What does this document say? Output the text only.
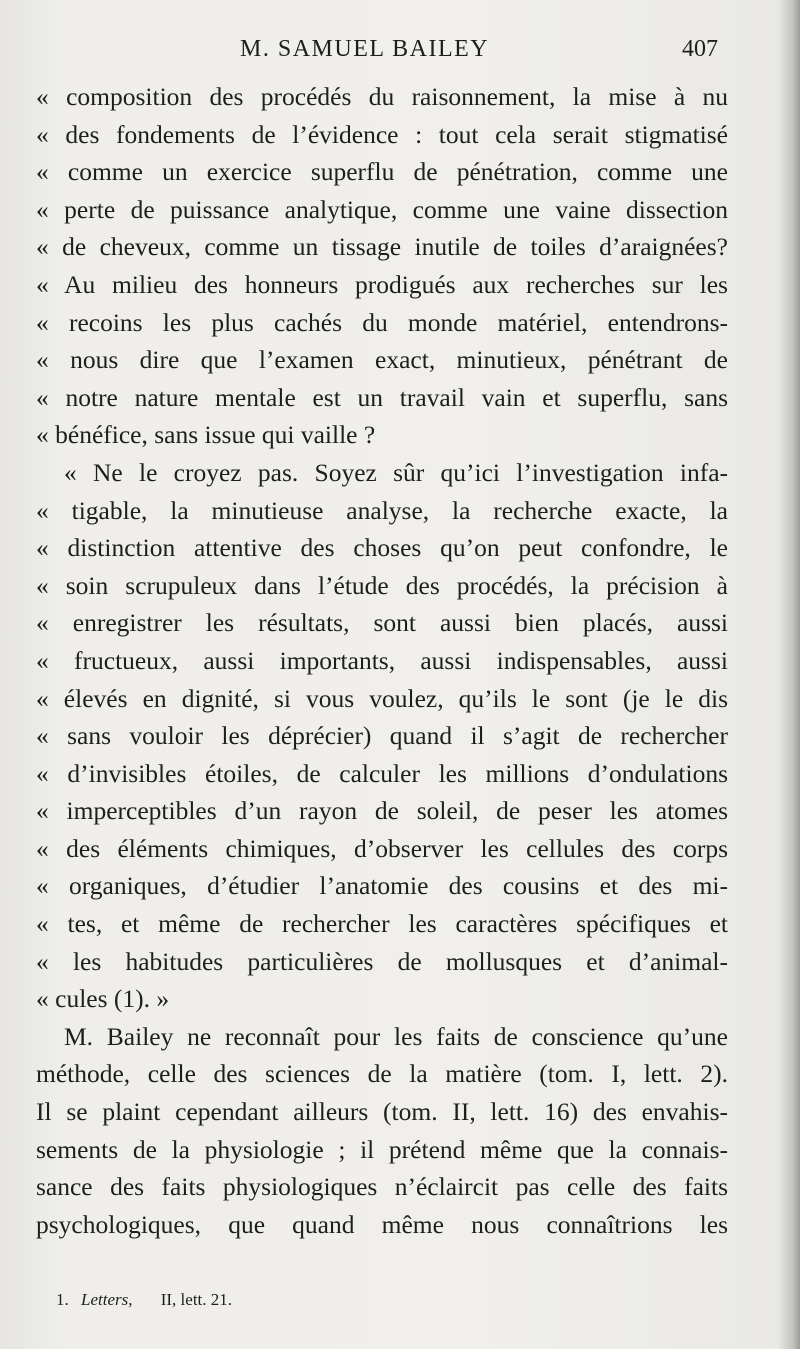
M. SAMUEL BAILEY	407
« composition des procédés du raisonnement, la mise à nu
« des fondements de l’évidence : tout cela serait stigmatisé
« comme un exercice superflu de pénétration, comme une
« perte de puissance analytique, comme une vaine dissection
« de cheveux, comme un tissage inutile de toiles d’araignées?
« Au milieu des honneurs prodigués aux recherches sur les
« recoins les plus cachés du monde matériel, entendrons-
« nous dire que l’examen exact, minutieux, pénétrant de
« notre nature mentale est un travail vain et superflu, sans
« bénéfice, sans issue qui vaille ?
« Ne le croyez pas. Soyez sûr qu’ici l’investigation infa-
« tigable, la minutieuse analyse, la recherche exacte, la
« distinction attentive des choses qu’on peut confondre, le
« soin scrupuleux dans l’étude des procédés, la précision à
« enregistrer les résultats, sont aussi bien placés, aussi
« fructueux, aussi importants, aussi indispensables, aussi
« élevés en dignité, si vous voulez, qu’ils le sont (je le dis
« sans vouloir les déprécier) quand il s’agit de rechercher
« d’invisibles étoiles, de calculer les millions d’ondulations
« imperceptibles d’un rayon de soleil, de peser les atomes
« des éléments chimiques, d’observer les cellules des corps
« organiques, d’étudier l’anatomie des cousins et des mi-
« tes, et même de rechercher les caractères spécifiques et
« les habitudes particulières de mollusques et d’animal-
« cules (1). »
M. Bailey ne reconnaît pour les faits de conscience qu’une
méthode, celle des sciences de la matière (tom. I, lett. 2).
Il se plaint cependant ailleurs (tom. II, lett. 16) des envahis-
sements de la physiologie ; il prétend même que la connais-
sance des faits physiologiques n’éclaircit pas celle des faits
psychologiques, que quand même nous connaîtrions les
1. Letters, II, lett. 21.
